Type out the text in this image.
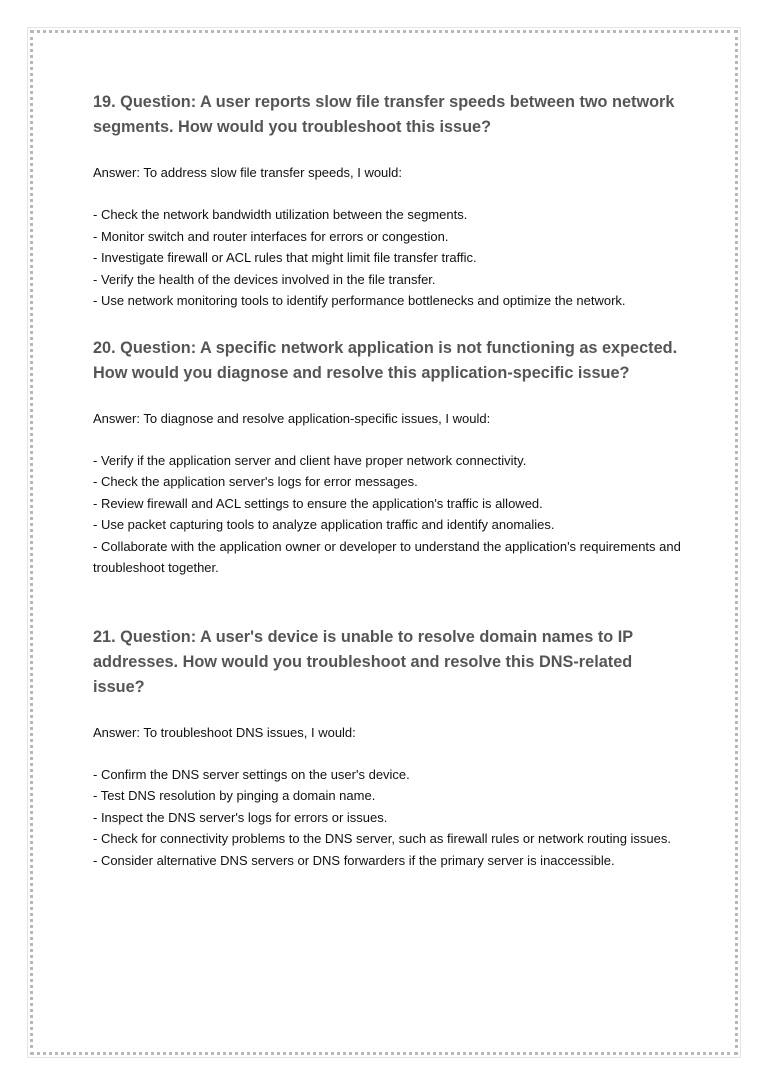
19. Question: A user reports slow file transfer speeds between two network segments. How would you troubleshoot this issue?

Answer: To address slow file transfer speeds, I would:

- Check the network bandwidth utilization between the segments.
- Monitor switch and router interfaces for errors or congestion.
- Investigate firewall or ACL rules that might limit file transfer traffic.
- Verify the health of the devices involved in the file transfer.
- Use network monitoring tools to identify performance bottlenecks and optimize the network.
20. Question: A specific network application is not functioning as expected. How would you diagnose and resolve this application-specific issue?

Answer: To diagnose and resolve application-specific issues, I would:

- Verify if the application server and client have proper network connectivity.
- Check the application server's logs for error messages.
- Review firewall and ACL settings to ensure the application's traffic is allowed.
- Use packet capturing tools to analyze application traffic and identify anomalies.
- Collaborate with the application owner or developer to understand the application's requirements and troubleshoot together.
21. Question: A user's device is unable to resolve domain names to IP addresses. How would you troubleshoot and resolve this DNS-related issue?

Answer: To troubleshoot DNS issues, I would:

- Confirm the DNS server settings on the user's device.
- Test DNS resolution by pinging a domain name.
- Inspect the DNS server's logs for errors or issues.
- Check for connectivity problems to the DNS server, such as firewall rules or network routing issues.
- Consider alternative DNS servers or DNS forwarders if the primary server is inaccessible.
